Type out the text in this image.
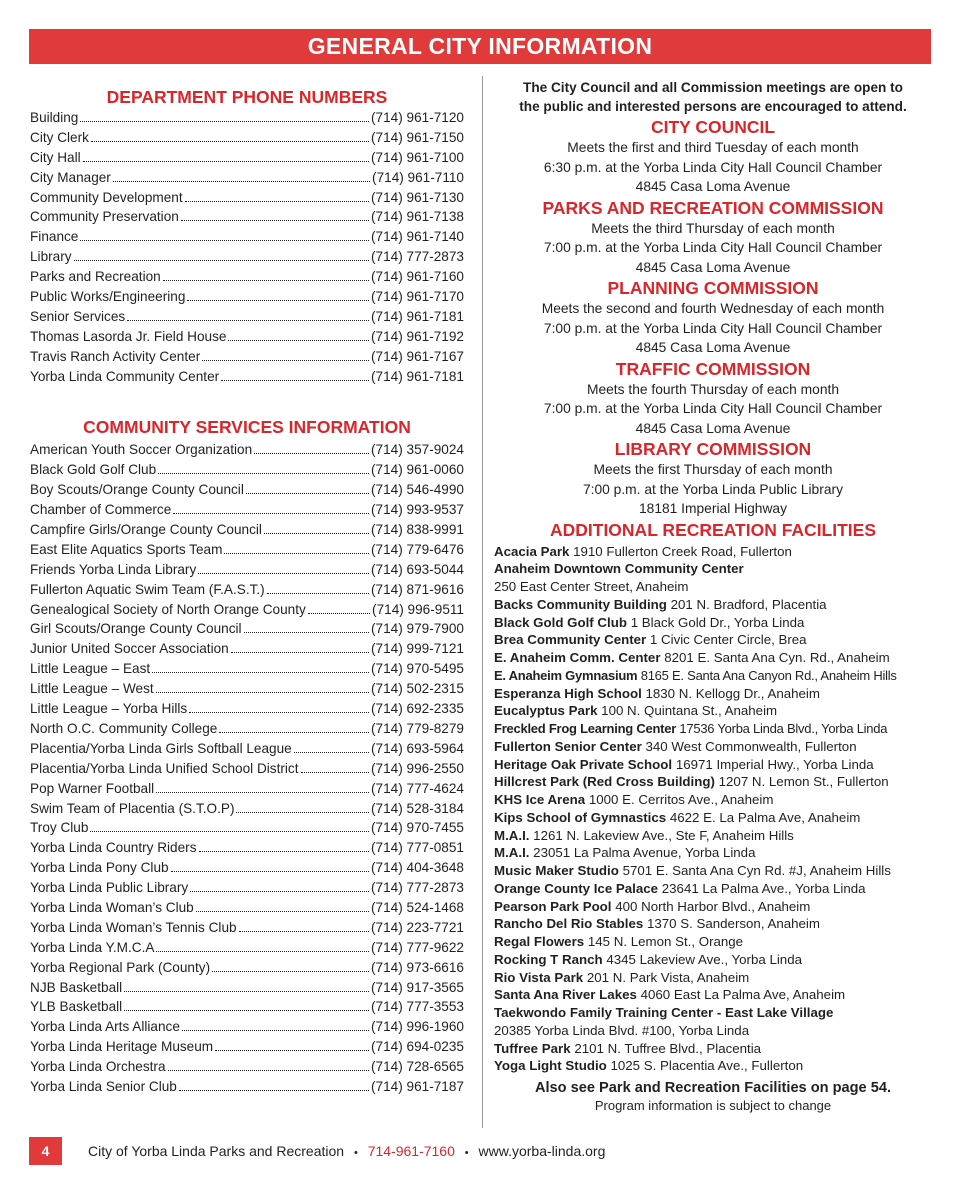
GENERAL CITY INFORMATION
DEPARTMENT PHONE NUMBERS
Building	(714) 961-7120
City Clerk	(714) 961-7150
City Hall	(714) 961-7100
City Manager	(714) 961-7110
Community Development	(714) 961-7130
Community Preservation	(714) 961-7138
Finance	(714) 961-7140
Library	(714) 777-2873
Parks and Recreation	(714) 961-7160
Public Works/Engineering	(714) 961-7170
Senior Services	(714) 961-7181
Thomas Lasorda Jr. Field House	(714) 961-7192
Travis Ranch Activity Center	(714) 961-7167
Yorba Linda Community Center	(714) 961-7181
COMMUNITY SERVICES INFORMATION
American Youth Soccer Organization	(714) 357-9024
Black Gold Golf Club	(714) 961-0060
Boy Scouts/Orange County Council	(714) 546-4990
Chamber of Commerce	(714) 993-9537
Campfire Girls/Orange County Council	(714) 838-9991
East Elite Aquatics Sports Team	(714) 779-6476
Friends Yorba Linda Library	(714) 693-5044
Fullerton Aquatic Swim Team (F.A.S.T.)	(714) 871-9616
Genealogical Society of North Orange County	(714) 996-9511
Girl Scouts/Orange County Council	(714) 979-7900
Junior United Soccer Association	(714) 999-7121
Little League – East	(714) 970-5495
Little League – West	(714) 502-2315
Little League – Yorba Hills	(714) 692-2335
North O.C. Community College	(714) 779-8279
Placentia/Yorba Linda Girls Softball League	(714) 693-5964
Placentia/Yorba Linda Unified School District	(714) 996-2550
Pop Warner Football	(714) 777-4624
Swim Team of Placentia (S.T.O.P)	(714) 528-3184
Troy Club	(714) 970-7455
Yorba Linda Country Riders	(714) 777-0851
Yorba Linda Pony Club	(714) 404-3648
Yorba Linda Public Library	(714) 777-2873
Yorba Linda Woman’s Club	(714) 524-1468
Yorba Linda Woman’s Tennis Club	(714) 223-7721
Yorba Linda Y.M.C.A	(714) 777-9622
Yorba Regional Park (County)	(714) 973-6616
NJB Basketball	(714) 917-3565
YLB Basketball	(714) 777-3553
Yorba Linda Arts Alliance	(714) 996-1960
Yorba Linda Heritage Museum	(714) 694-0235
Yorba Linda Orchestra	(714) 728-6565
Yorba Linda Senior Club	(714) 961-7187
The City Council and all Commission meetings are open to
the public and interested persons are encouraged to attend.
CITY COUNCIL
Meets the first and third Tuesday of each month
6:30 p.m. at the Yorba Linda City Hall Council Chamber
4845 Casa Loma Avenue
PARKS AND RECREATION COMMISSION
Meets the third Thursday of each month
7:00 p.m. at the Yorba Linda City Hall Council Chamber
4845 Casa Loma Avenue
PLANNING COMMISSION
Meets the second and fourth Wednesday of each month
7:00 p.m. at the Yorba Linda City Hall Council Chamber
4845 Casa Loma Avenue
TRAFFIC COMMISSION
Meets the fourth Thursday of each month
7:00 p.m. at the Yorba Linda City Hall Council Chamber
4845 Casa Loma Avenue
LIBRARY COMMISSION
Meets the first Thursday of each month
7:00 p.m. at the Yorba Linda Public Library
18181 Imperial Highway
ADDITIONAL RECREATION FACILITIES
Acacia Park 1910 Fullerton Creek Road, Fullerton
Anaheim Downtown Community Center
250 East Center Street, Anaheim
Backs Community Building 201 N. Bradford, Placentia
Black Gold Golf Club 1 Black Gold Dr., Yorba Linda
Brea Community Center 1 Civic Center Circle, Brea
E. Anaheim Comm. Center 8201 E. Santa Ana Cyn. Rd., Anaheim
E. Anaheim Gymnasium 8165 E. Santa Ana Canyon Rd., Anaheim Hills
Esperanza High School 1830 N. Kellogg Dr., Anaheim
Eucalyptus Park 100 N. Quintana St., Anaheim
Freckled Frog Learning Center 17536 Yorba Linda Blvd., Yorba Linda
Fullerton Senior Center 340 West Commonwealth, Fullerton
Heritage Oak Private School 16971 Imperial Hwy., Yorba Linda
Hillcrest Park (Red Cross Building) 1207 N. Lemon St., Fullerton
KHS Ice Arena 1000 E. Cerritos Ave., Anaheim
Kips School of Gymnastics 4622 E. La Palma Ave, Anaheim
M.A.I. 1261 N. Lakeview Ave., Ste F, Anaheim Hills
M.A.I. 23051 La Palma Avenue, Yorba Linda
Music Maker Studio 5701 E. Santa Ana Cyn Rd. #J, Anaheim Hills
Orange County Ice Palace 23641 La Palma Ave., Yorba Linda
Pearson Park Pool 400 North Harbor Blvd., Anaheim
Rancho Del Rio Stables 1370 S. Sanderson, Anaheim
Regal Flowers 145 N. Lemon St., Orange
Rocking T Ranch 4345 Lakeview Ave., Yorba Linda
Rio Vista Park 201 N. Park Vista, Anaheim
Santa Ana River Lakes 4060 East La Palma Ave, Anaheim
Taekwondo Family Training Center - East Lake Village
20385 Yorba Linda Blvd. #100, Yorba Linda
Tuffree Park 2101 N. Tuffree Blvd., Placentia
Yoga Light Studio 1025 S. Placentia Ave., Fullerton
Also see Park and Recreation Facilities on page 54.
Program information is subject to change
4	City of Yorba Linda Parks and Recreation • 714-961-7160 • www.yorba-linda.org
